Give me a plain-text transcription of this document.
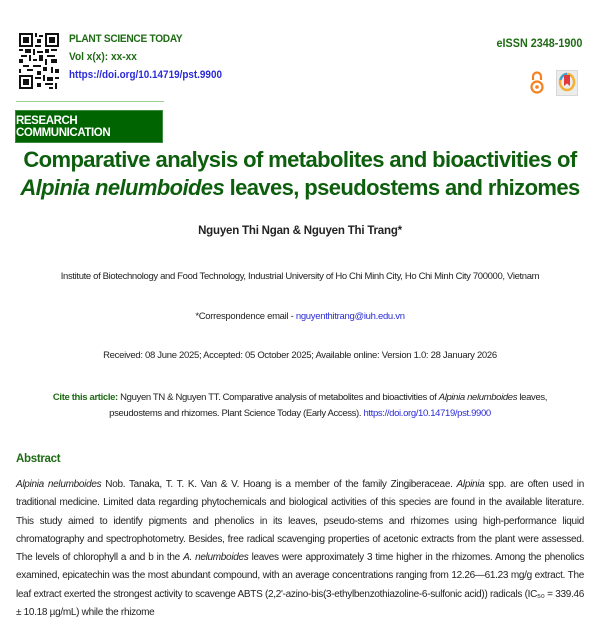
PLANT SCIENCE TODAY
Vol x(x): xx-xx
https://doi.org/10.14719/pst.9900
eISSN 2348-1900
RESEARCH COMMUNICATION
Comparative analysis of metabolites and bioactivities of
Alpinia nelumboides leaves, pseudostems and rhizomes
Nguyen Thi Ngan & Nguyen Thi Trang*
Institute of Biotechnology and Food Technology, Industrial University of Ho Chi Minh City, Ho Chi Minh City 700000, Vietnam
*Correspondence email - nguyenthitrang@iuh.edu.vn
Received: 08 June 2025; Accepted: 05 October 2025; Available online: Version 1.0: 28 January 2026
Cite this article: Nguyen TN & Nguyen TT. Comparative analysis of metabolites and bioactivities of Alpinia nelumboides leaves, pseudostems and rhizomes. Plant Science Today (Early Access). https://doi.org/10.14719/pst.9900
Abstract
Alpinia nelumboides Nob. Tanaka, T. T. K. Van & V. Hoang is a member of the family Zingiberaceae. Alpinia spp. are often used in traditional medicine. Limited data regarding phytochemicals and biological activities of this species are found in the available literature. This study aimed to identify pigments and phenolics in its leaves, pseudo-stems and rhizomes using high-performance liquid chromatography and spectrophotometry. Besides, free radical scavenging properties of acetonic extracts from the plant were assessed. The levels of chlorophyll a and b in the A. nelumboides leaves were approximately 3 time higher in the rhizomes. Among the phenolics examined, epicatechin was the most abundant compound, with an average concentrations ranging from 12.26—61.23 mg/g extract. The leaf extract exerted the strongest activity to scavenge ABTS (2,2'-azino-bis(3-ethylbenzothiazoline-6-sulfonic acid)) radicals (IC₅₀ = 339.46 ± 10.18 µg/mL) while the rhizome
